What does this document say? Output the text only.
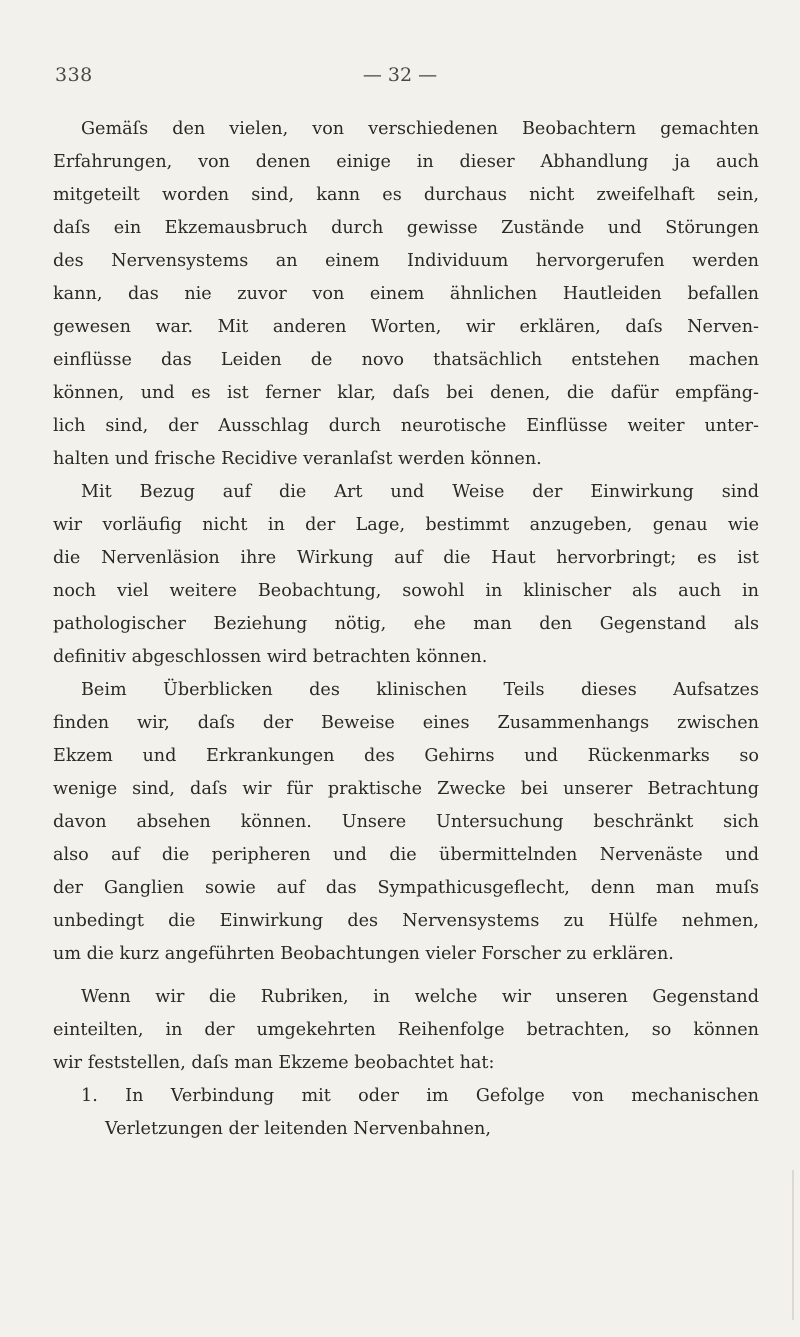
338	— 32 —
Gemäſs den vielen, von verschiedenen Beobachtern gemachten
Erfahrungen, von denen einige in dieser Abhandlung ja auch
mitgeteilt worden sind, kann es durchaus nicht zweifelhaft sein,
daſs ein Ekzemausbruch durch gewisse Zustände und Störungen
des Nervensystems an einem Individuum hervorgerufen werden
kann, das nie zuvor von einem ähnlichen Hautleiden befallen
gewesen war. Mit anderen Worten, wir erklären, daſs Nerven-
einflüsse das Leiden de novo thatsächlich entstehen machen
können, und es ist ferner klar, daſs bei denen, die dafür empfäng-
lich sind, der Ausschlag durch neurotische Einflüsse weiter unter-
halten und frische Recidive veranlaſst werden können.
Mit Bezug auf die Art und Weise der Einwirkung sind
wir vorläufig nicht in der Lage, bestimmt anzugeben, genau wie
die Nervenläsion ihre Wirkung auf die Haut hervorbringt; es ist
noch viel weitere Beobachtung, sowohl in klinischer als auch in
pathologischer Beziehung nötig, ehe man den Gegenstand als
definitiv abgeschlossen wird betrachten können.
Beim Überblicken des klinischen Teils dieses Aufsatzes
finden wir, daſs der Beweise eines Zusammenhangs zwischen
Ekzem und Erkrankungen des Gehirns und Rückenmarks so
wenige sind, daſs wir für praktische Zwecke bei unserer Betrachtung
davon absehen können. Unsere Untersuchung beschränkt sich
also auf die peripheren und die übermittelnden Nervenäste und
der Ganglien sowie auf das Sympathicusgeflecht, denn man muſs
unbedingt die Einwirkung des Nervensystems zu Hülfe nehmen,
um die kurz angeführten Beobachtungen vieler Forscher zu erklären.
Wenn wir die Rubriken, in welche wir unseren Gegenstand
einteilten, in der umgekehrten Reihenfolge betrachten, so können
wir feststellen, daſs man Ekzeme beobachtet hat:
1. In Verbindung mit oder im Gefolge von mechanischen
Verletzungen der leitenden Nervenbahnen,
